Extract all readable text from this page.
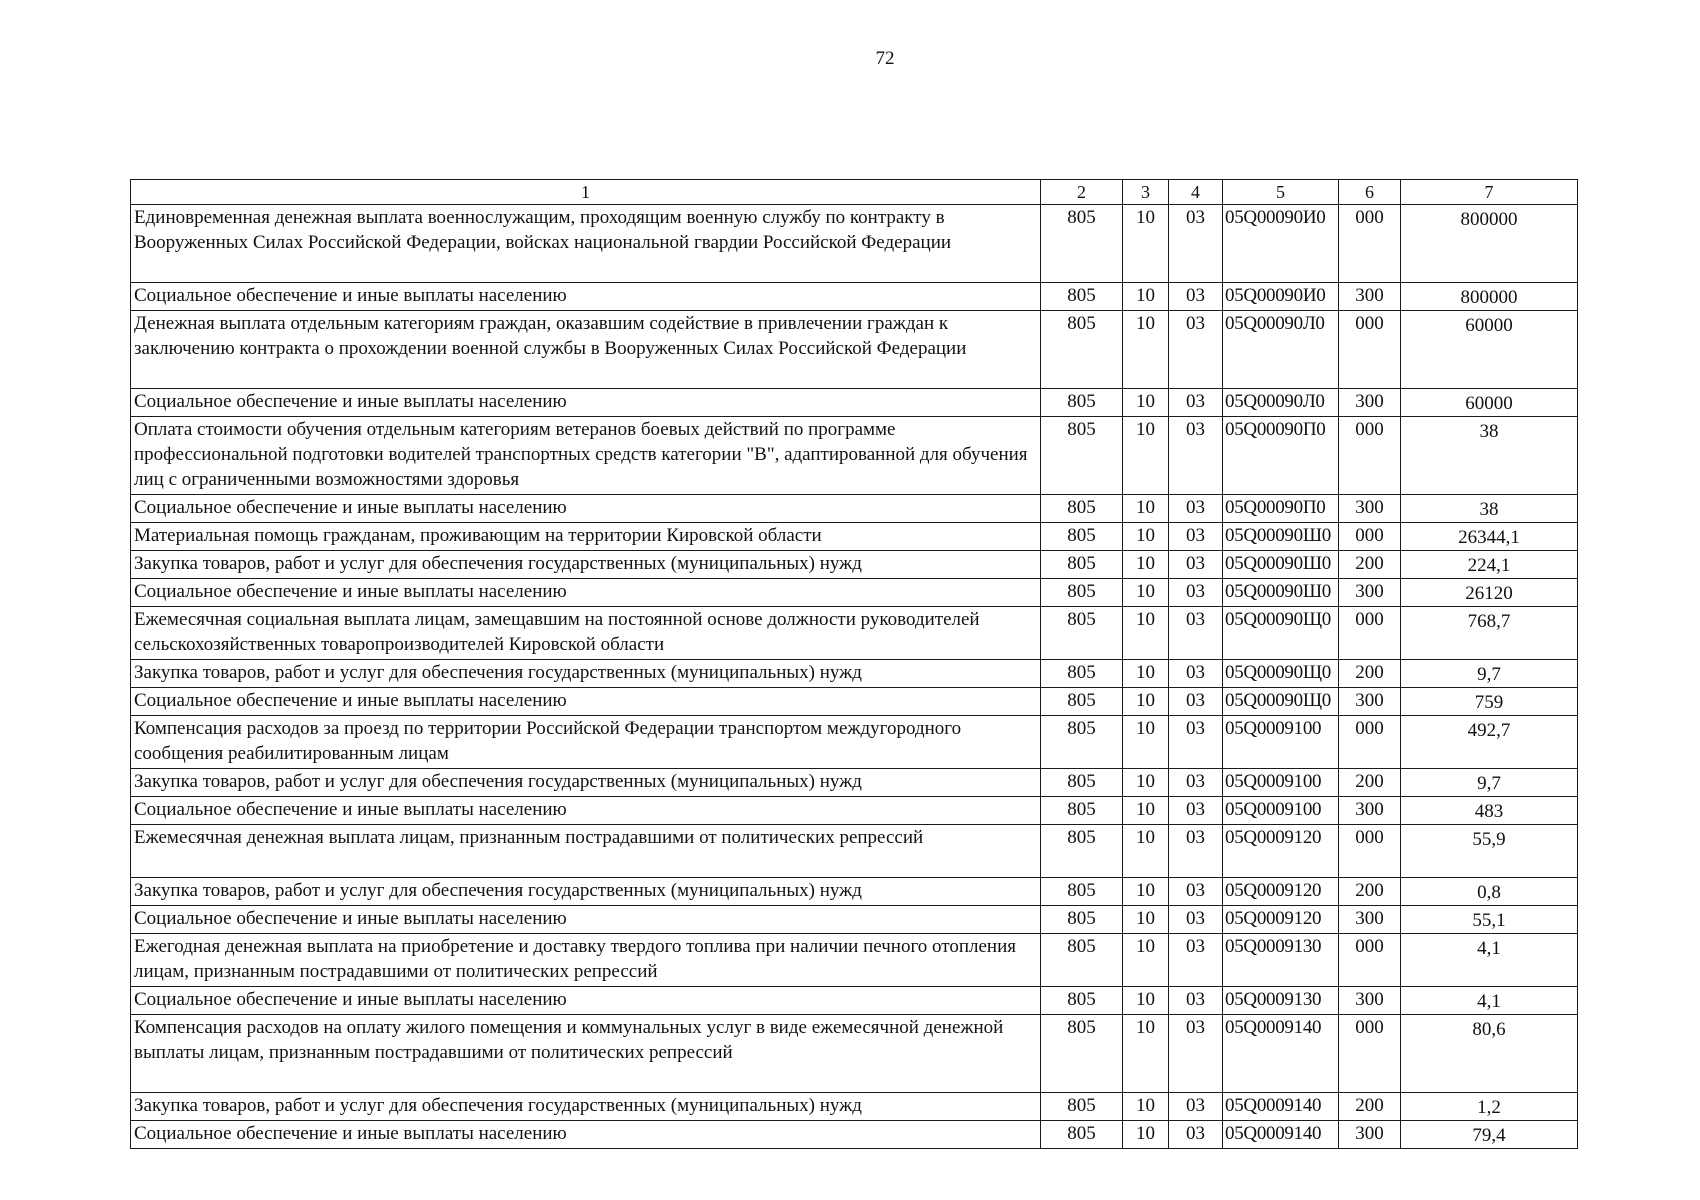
72
1	2	3	4	5	6	7
Единовременная денежная выплата военнослужащим, проходящим военную службу по контракту в Вооруженных Силах Российской Федерации, войсках национальной гвардии Российской Федерации	805	10	03	05Q00090И0	000	800000
Социальное обеспечение и иные выплаты населению	805	10	03	05Q00090И0	300	800000
Денежная выплата отдельным категориям граждан, оказавшим содействие в привлечении граждан к заключению контракта о прохождении военной службы в Вооруженных Силах Российской Федерации	805	10	03	05Q00090Л0	000	60000
Социальное обеспечение и иные выплаты населению	805	10	03	05Q00090Л0	300	60000
Оплата стоимости обучения отдельным категориям ветеранов боевых действий по программе профессиональной подготовки водителей транспортных средств категории "В", адаптированной для обучения лиц с ограниченными возможностями здоровья	805	10	03	05Q00090П0	000	38
Социальное обеспечение и иные выплаты населению	805	10	03	05Q00090П0	300	38
Материальная помощь гражданам, проживающим на территории Кировской области	805	10	03	05Q00090Ш0	000	26344,1
Закупка товаров, работ и услуг для обеспечения государственных (муниципальных) нужд	805	10	03	05Q00090Ш0	200	224,1
Социальное обеспечение и иные выплаты населению	805	10	03	05Q00090Ш0	300	26120
Ежемесячная социальная выплата лицам, замещавшим на постоянной основе должности руководителей сельскохозяйственных товаропроизводителей Кировской области	805	10	03	05Q00090Щ0	000	768,7
Закупка товаров, работ и услуг для обеспечения государственных (муниципальных) нужд	805	10	03	05Q00090Щ0	200	9,7
Социальное обеспечение и иные выплаты населению	805	10	03	05Q00090Щ0	300	759
Компенсация расходов за проезд по территории Российской Федерации транспортом междугородного сообщения реабилитированным лицам	805	10	03	05Q0009100	000	492,7
Закупка товаров, работ и услуг для обеспечения государственных (муниципальных) нужд	805	10	03	05Q0009100	200	9,7
Социальное обеспечение и иные выплаты населению	805	10	03	05Q0009100	300	483
Ежемесячная денежная выплата лицам, признанным пострадавшими от политических репрессий	805	10	03	05Q0009120	000	55,9
Закупка товаров, работ и услуг для обеспечения государственных (муниципальных) нужд	805	10	03	05Q0009120	200	0,8
Социальное обеспечение и иные выплаты населению	805	10	03	05Q0009120	300	55,1
Ежегодная денежная выплата на приобретение и доставку твердого топлива при наличии печного отопления лицам, признанным пострадавшими от политических репрессий	805	10	03	05Q0009130	000	4,1
Социальное обеспечение и иные выплаты населению	805	10	03	05Q0009130	300	4,1
Компенсация расходов на оплату жилого помещения и коммунальных услуг в виде ежемесячной денежной выплаты лицам, признанным пострадавшими от политических репрессий	805	10	03	05Q0009140	000	80,6
Закупка товаров, работ и услуг для обеспечения государственных (муниципальных) нужд	805	10	03	05Q0009140	200	1,2
Социальное обеспечение и иные выплаты населению	805	10	03	05Q0009140	300	79,4
